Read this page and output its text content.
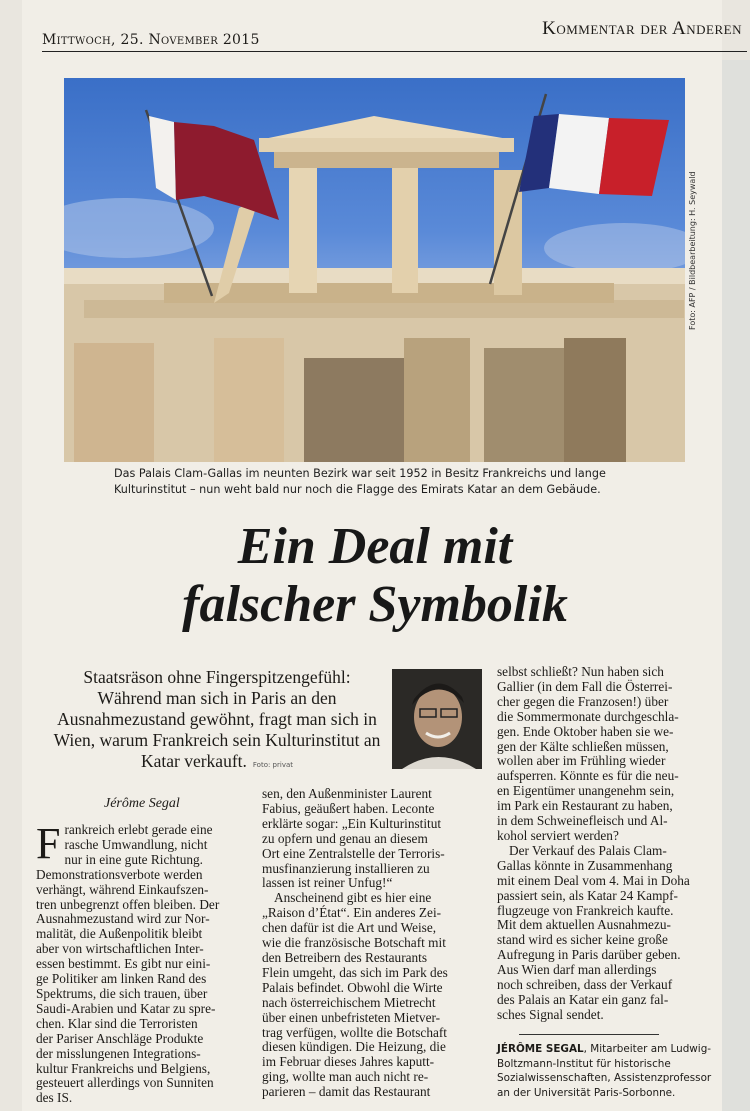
Mittwoch, 25. November 2015
Kommentar der Anderen
Foto: AFP / Bildbearbeitung: H. Seywald
Das Palais Clam-Gallas im neunten Bezirk war seit 1952 in Besitz Frankreichs und lange Kulturinstitut – nun weht bald nur noch die Flagge des Emirats Katar an dem Gebäude.
Ein Deal mit
falscher Symbolik
Staatsräson ohne Fingerspitzengefühl: Während man sich in Paris an den Ausnahmezustand gewöhnt, fragt man sich in Wien, warum Frankreich sein Kulturinstitut an Katar verkauft. Foto: privat
Jérôme Segal
F rankreich erlebt gerade eine
rasche Umwandlung, nicht
nur in eine gute Richtung.
Demonstrationsverbote werden
verhängt, während Einkaufszen-
tren unbegrenzt offen bleiben. Der
Ausnahmezustand wird zur Nor-
malität, die Außenpolitik bleibt
aber von wirtschaftlichen Inter-
essen bestimmt. Es gibt nur eini-
ge Politiker am linken Rand des
Spektrums, die sich trauen, über
Saudi-Arabien und Katar zu spre-
chen. Klar sind die Terroristen
der Pariser Anschläge Produkte
der misslungenen Integrations-
kultur Frankreichs und Belgiens,
gesteuert allerdings von Sunniten
des IS.

sen, den Außenminister Laurent
Fabius, geäußert haben. Leconte
erklärte sogar: „Ein Kulturinstitut
zu opfern und genau an diesem
Ort eine Zentralstelle der Terroris-
musfinanzierung installieren zu
lassen ist reiner Unfug!“

Anscheinend gibt es hier eine
„Raison d’État“. Ein anderes Zei-
chen dafür ist die Art und Weise,
wie die französische Botschaft mit
den Betreibern des Restaurants
Flein umgeht, das sich im Park des
Palais befindet. Obwohl die Wirte
nach österreichischem Mietrecht
über einen unbefristeten Mietver-
trag verfügen, wollte die Botschaft
diesen kündigen. Die Heizung, die
im Februar dieses Jahres kaputt-
ging, wollte man auch nicht re-
parieren – damit das Restaurant

selbst schließt? Nun haben sich
Gallier (in dem Fall die Österrei-
cher gegen die Franzosen!) über
die Sommermonate durchgeschla-
gen. Ende Oktober haben sie we-
gen der Kälte schließen müssen,
wollen aber im Frühling wieder
aufsperren. Könnte es für die neu-
en Eigentümer unangenehm sein,
im Park ein Restaurant zu haben,
in dem Schweinefleisch und Al-
kohol serviert werden?

Der Verkauf des Palais Clam-
Gallas könnte in Zusammenhang
mit einem Deal vom 4. Mai in Doha
passiert sein, als Katar 24 Kampf-
flugzeuge von Frankreich kaufte.
Mit dem aktuellen Ausnahmezu-
stand wird es sicher keine große
Aufregung in Paris darüber geben.
Aus Wien darf man allerdings
noch schreiben, dass der Verkauf
des Palais an Katar ein ganz fal-
sches Signal sendet.

JÉRÔME SEGAL, Mitarbeiter am Ludwig-Boltzmann-Institut für historische Sozialwissenschaften, Assistenzprofessor an der Universität Paris-Sorbonne.
